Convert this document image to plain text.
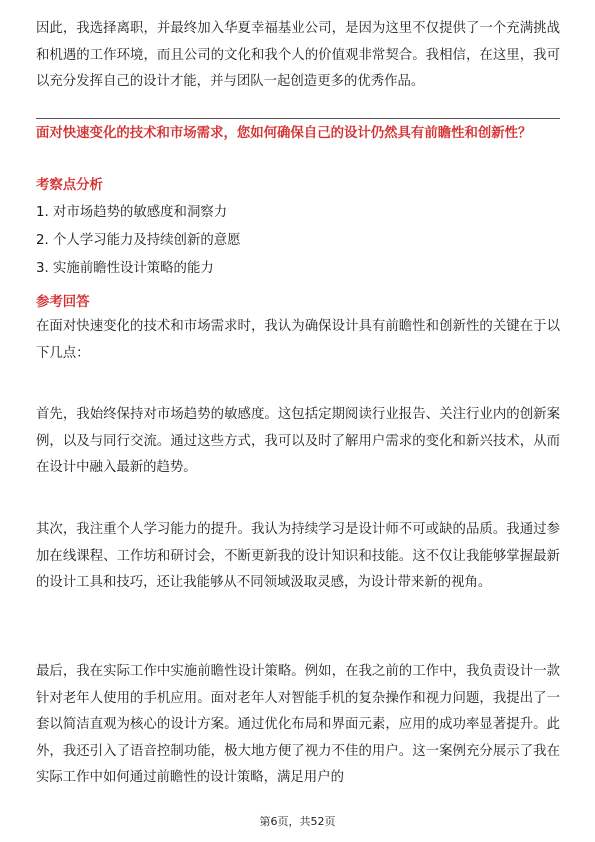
因此，我选择离职，并最终加入华夏幸福基业公司，是因为这里不仅提供了一个充满挑战和机遇的工作环境，而且公司的文化和我个人的价值观非常契合。我相信，在这里，我可以充分发挥自己的设计才能，并与团队一起创造更多的优秀作品。

面对快速变化的技术和市场需求，您如何确保自己的设计仍然具有前瞻性和创新性？

考察点分析

1. 对市场趋势的敏感度和洞察力

2. 个人学习能力及持续创新的意愿

3. 实施前瞻性设计策略的能力

参考回答

在面对快速变化的技术和市场需求时，我认为确保设计具有前瞻性和创新性的关键在于以下几点：

首先，我始终保持对市场趋势的敏感度。这包括定期阅读行业报告、关注行业内的创新案例，以及与同行交流。通过这些方式，我可以及时了解用户需求的变化和新兴技术，从而在设计中融入最新的趋势。

其次，我注重个人学习能力的提升。我认为持续学习是设计师不可或缺的品质。我通过参加在线课程、工作坊和研讨会，不断更新我的设计知识和技能。这不仅让我能够掌握最新的设计工具和技巧，还让我能够从不同领域汲取灵感，为设计带来新的视角。

最后，我在实际工作中实施前瞻性设计策略。例如，在我之前的工作中，我负责设计一款针对老年人使用的手机应用。面对老年人对智能手机的复杂操作和视力问题，我提出了一套以简洁直观为核心的设计方案。通过优化布局和界面元素，应用的成功率显著提升。此外，我还引入了语音控制功能，极大地方便了视力不佳的用户。这一案例充分展示了我在实际工作中如何通过前瞻性的设计策略，满足用户的

第6页，共52页
